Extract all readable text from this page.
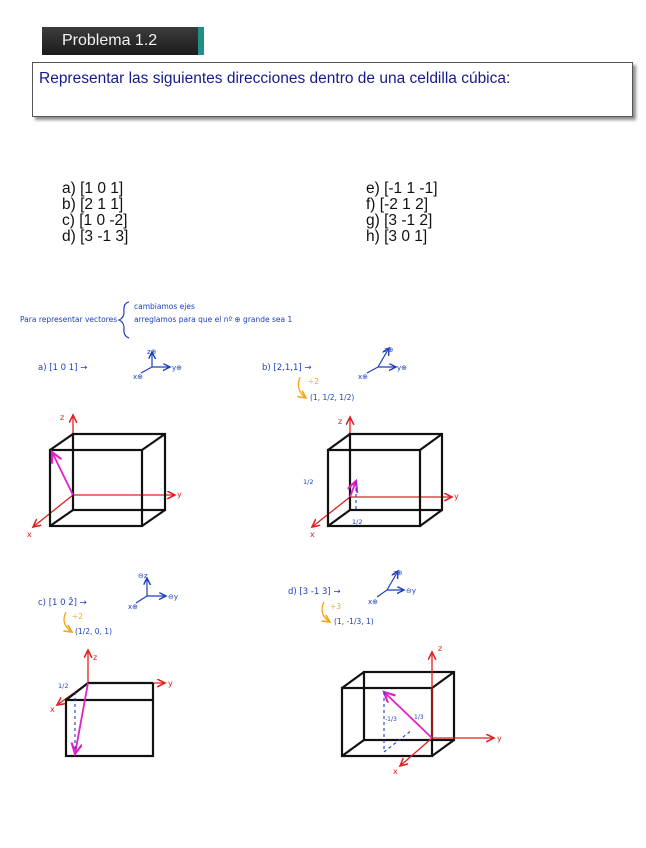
Problema 1.2
Representar las siguientes direcciones dentro de una celdilla cúbica:
a) [1 0 1]
b) [2 1 1]
c) [1 0 -2]
d) [3 -1 3]
e) [-1 1 -1]
f) [-2 1 2]
g) [3 -1 2]
h) [3 0 1]
Para representar vectores
cambiamos ejes
arreglamos para que el nº ⊕ grande sea 1
a) [1 0 1] →
z⊕
y⊕
x⊕
z
y
x
b) [2,1,1] →
z⊕
y⊕
x⊕
÷2
(1, 1/2, 1/2)
z
y
x
1/2
1/2
c) [1 0 2̄] →
⊖z
⊖y
x⊕
÷2
(1/2, 0, 1)
z
y
x
1/2
d) [3 -1 3] →
z⊕
⊖y
x⊕
÷3
(1, -1/3, 1)
z
y
x
-1/3	1/3
